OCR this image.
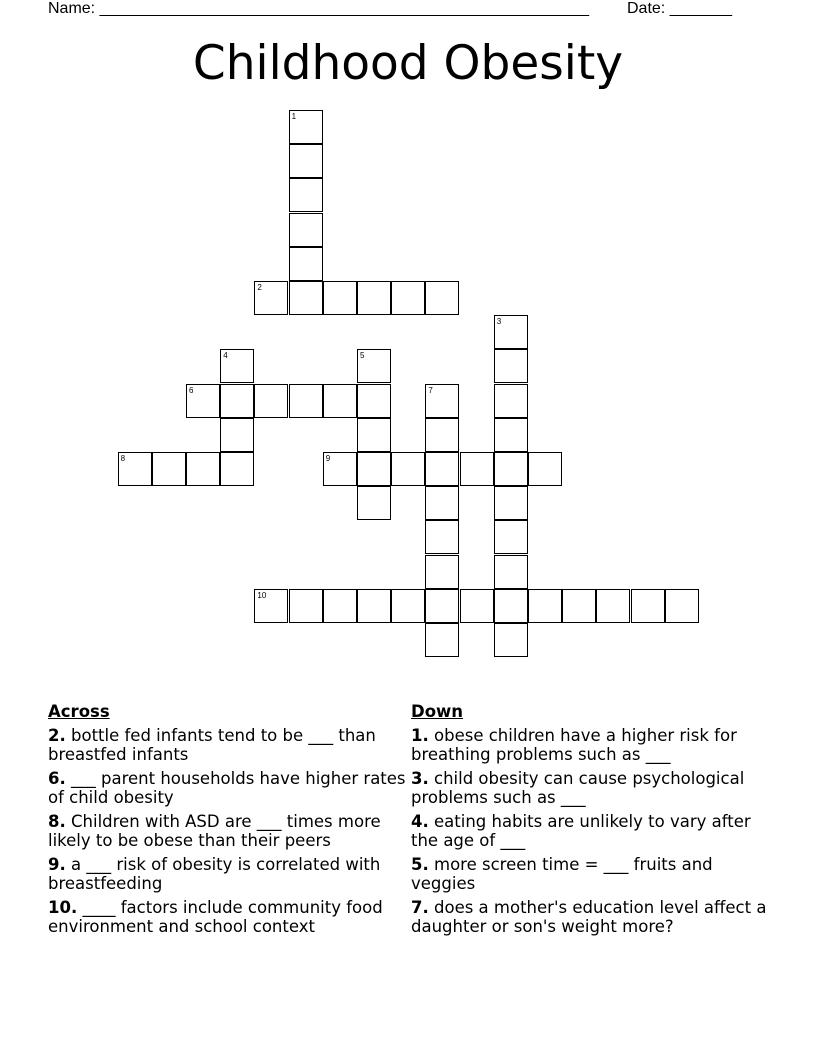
Name: _______________________________________________________ Date: _______
Childhood Obesity
1
2
3
4	5
6	7
8	9
10
Across
2. bottle fed infants tend to be ___ than breastfed infants
6. ___ parent households have higher rates of child obesity
8. Children with ASD are ___ times more likely to be obese than their peers
9. a ___ risk of obesity is correlated with breastfeeding
10. ____ factors include community food environment and school context
Down
1. obese children have a higher risk for breathing problems such as ___
3. child obesity can cause psychological problems such as ___
4. eating habits are unlikely to vary after the age of ___
5. more screen time = ___ fruits and veggies
7. does a mother's education level affect a daughter or son's weight more?
